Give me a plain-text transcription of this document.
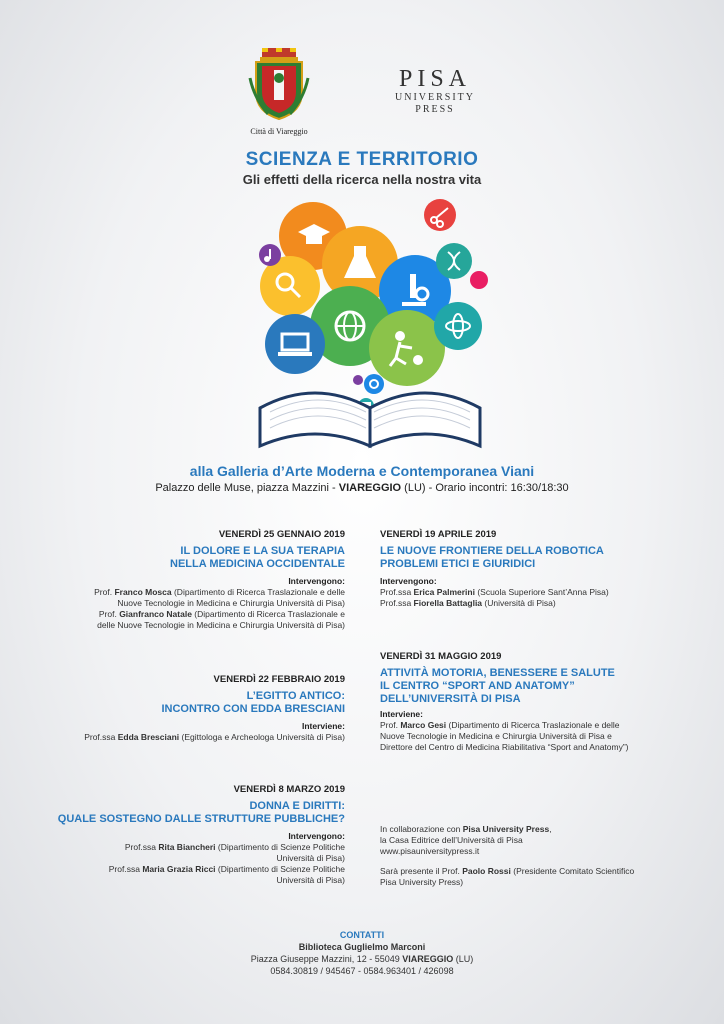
Città di Viareggio
PISA
UNIVERSITY
PRESS
SCIENZA E TERRITORIO
Gli effetti della ricerca nella nostra vita
alla Galleria d’Arte Moderna e Contemporanea Viani
Palazzo delle Muse, piazza Mazzini - VIAREGGIO (LU) - Orario incontri: 16:30/18:30
VENERDÌ 25 GENNAIO 2019
IL DOLORE E LA SUA TERAPIA
NELLA MEDICINA OCCIDENTALE
Intervengono:
Prof. Franco Mosca (Dipartimento di Ricerca Traslazionale e delle
Nuove Tecnologie in Medicina e Chirurgia Università di Pisa)
Prof. Gianfranco Natale (Dipartimento di Ricerca Traslazionale e
delle Nuove Tecnologie in Medicina e Chirurgia Università di Pisa)
VENERDÌ 22 FEBBRAIO 2019
L’EGITTO ANTICO:
INCONTRO CON EDDA BRESCIANI
Interviene:
Prof.ssa Edda Bresciani (Egittologa e Archeologa Università di Pisa)
VENERDÌ 8 MARZO 2019
DONNA E DIRITTI:
QUALE SOSTEGNO DALLE STRUTTURE PUBBLICHE?
Intervengono:
Prof.ssa Rita Biancheri (Dipartimento di Scienze Politiche
Università di Pisa)
Prof.ssa Maria Grazia Ricci (Dipartimento di Scienze Politiche
Università di Pisa)
VENERDÌ 19 APRILE 2019
LE NUOVE FRONTIERE DELLA ROBOTICA
PROBLEMI ETICI E GIURIDICI
Intervengono:
Prof.ssa Erica Palmerini (Scuola Superiore Sant’Anna Pisa)
Prof.ssa Fiorella Battaglia (Università di Pisa)
VENERDÌ 31 MAGGIO 2019
ATTIVITÀ MOTORIA, BENESSERE E SALUTE
IL CENTRO “SPORT AND ANATOMY”
DELL’UNIVERSITÀ DI PISA
Interviene:
Prof. Marco Gesi (Dipartimento di Ricerca Traslazionale e delle
Nuove Tecnologie in Medicina e Chirurgia Università di Pisa e
Direttore del Centro di Medicina Riabilitativa “Sport and Anatomy”)
In collaborazione con Pisa University Press,
la Casa Editrice dell’Università di Pisa
www.pisauniversitypress.it
Sarà presente il Prof. Paolo Rossi (Presidente Comitato Scientifico
Pisa University Press)
CONTATTI
Biblioteca Guglielmo Marconi
Piazza Giuseppe Mazzini, 12 - 55049 VIAREGGIO (LU)
0584.30819 / 945467 - 0584.963401 / 426098
